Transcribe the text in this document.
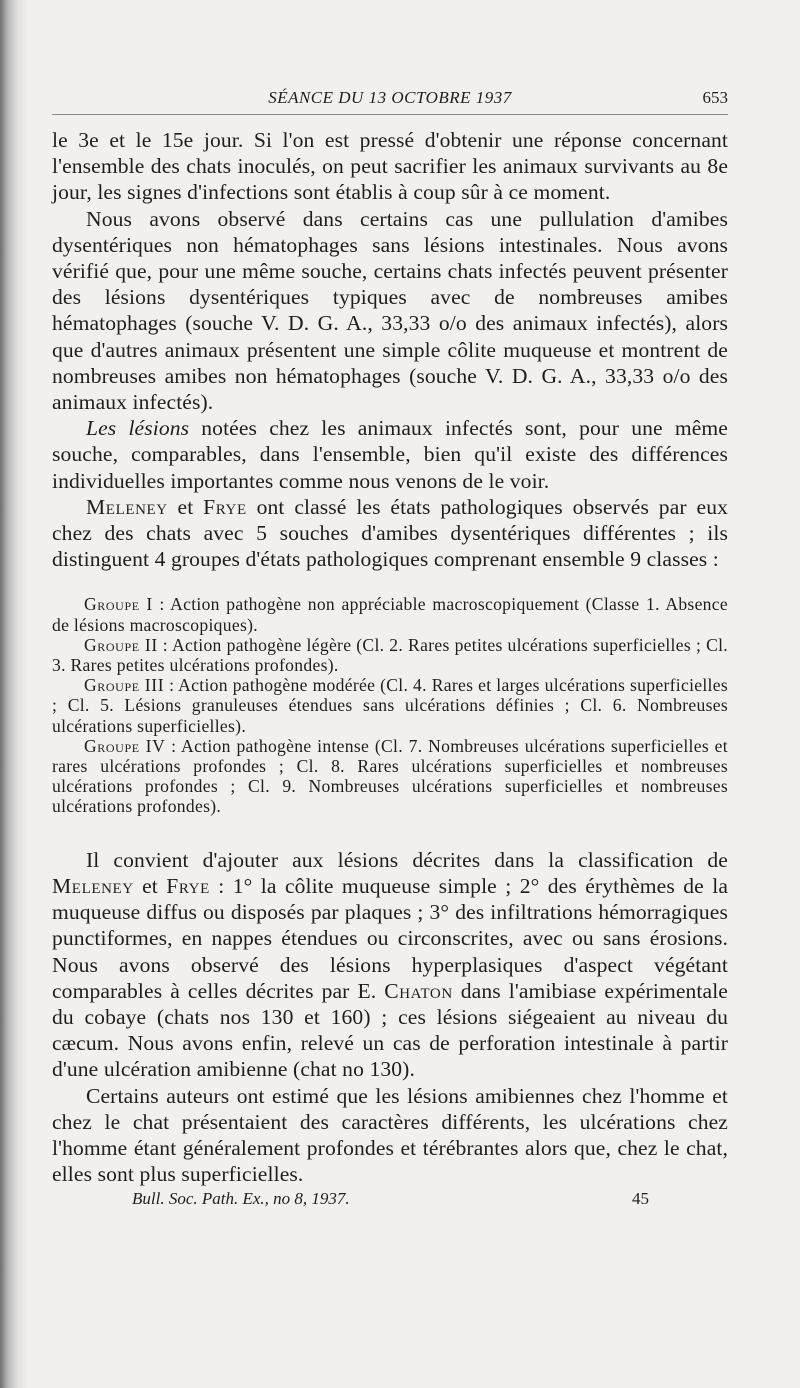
SÉANCE DU 13 OCTOBRE 1937	653

le 3e et le 15e jour. Si l'on est pressé d'obtenir une réponse concernant l'ensemble des chats inoculés, on peut sacrifier les animaux survivants au 8e jour, les signes d'infections sont établis à coup sûr à ce moment.

Nous avons observé dans certains cas une pullulation d'amibes dysentériques non hématophages sans lésions intestinales. Nous avons vérifié que, pour une même souche, certains chats infectés peuvent présenter des lésions dysentériques typiques avec de nombreuses amibes hématophages (souche V. D. G. A., 33,33 o/o des animaux infectés), alors que d'autres animaux présentent une simple côlite muqueuse et montrent de nombreuses amibes non hématophages (souche V. D. G. A., 33,33 o/o des animaux infectés).

Les lésions notées chez les animaux infectés sont, pour une même souche, comparables, dans l'ensemble, bien qu'il existe des différences individuelles importantes comme nous venons de le voir.

Meleney et Frye ont classé les états pathologiques observés par eux chez des chats avec 5 souches d'amibes dysentériques différentes ; ils distinguent 4 groupes d'états pathologiques comprenant ensemble 9 classes :

Groupe I : Action pathogène non appréciable macroscopiquement (Classe 1. Absence de lésions macroscopiques).

Groupe II : Action pathogène légère (Cl. 2. Rares petites ulcérations superficielles ; Cl. 3. Rares petites ulcérations profondes).

Groupe III : Action pathogène modérée (Cl. 4. Rares et larges ulcérations superficielles ; Cl. 5. Lésions granuleuses étendues sans ulcérations définies ; Cl. 6. Nombreuses ulcérations superficielles).

Groupe IV : Action pathogène intense (Cl. 7. Nombreuses ulcérations superficielles et rares ulcérations profondes ; Cl. 8. Rares ulcérations superficielles et nombreuses ulcérations profondes ; Cl. 9. Nombreuses ulcérations superficielles et nombreuses ulcérations profondes).

Il convient d'ajouter aux lésions décrites dans la classification de Meleney et Frye : 1° la côlite muqueuse simple ; 2° des érythèmes de la muqueuse diffus ou disposés par plaques ; 3° des infiltrations hémorragiques punctiformes, en nappes étendues ou circonscrites, avec ou sans érosions. Nous avons observé des lésions hyperplasiques d'aspect végétant comparables à celles décrites par E. Chaton dans l'amibiase expérimentale du cobaye (chats nos 130 et 160) ; ces lésions siégeaient au niveau du cæcum. Nous avons enfin, relevé un cas de perforation intestinale à partir d'une ulcération amibienne (chat no 130).

Certains auteurs ont estimé que les lésions amibiennes chez l'homme et chez le chat présentaient des caractères différents, les ulcérations chez l'homme étant généralement profondes et térébrantes alors que, chez le chat, elles sont plus superficielles.

Bull. Soc. Path. Ex., no 8, 1937.	45
